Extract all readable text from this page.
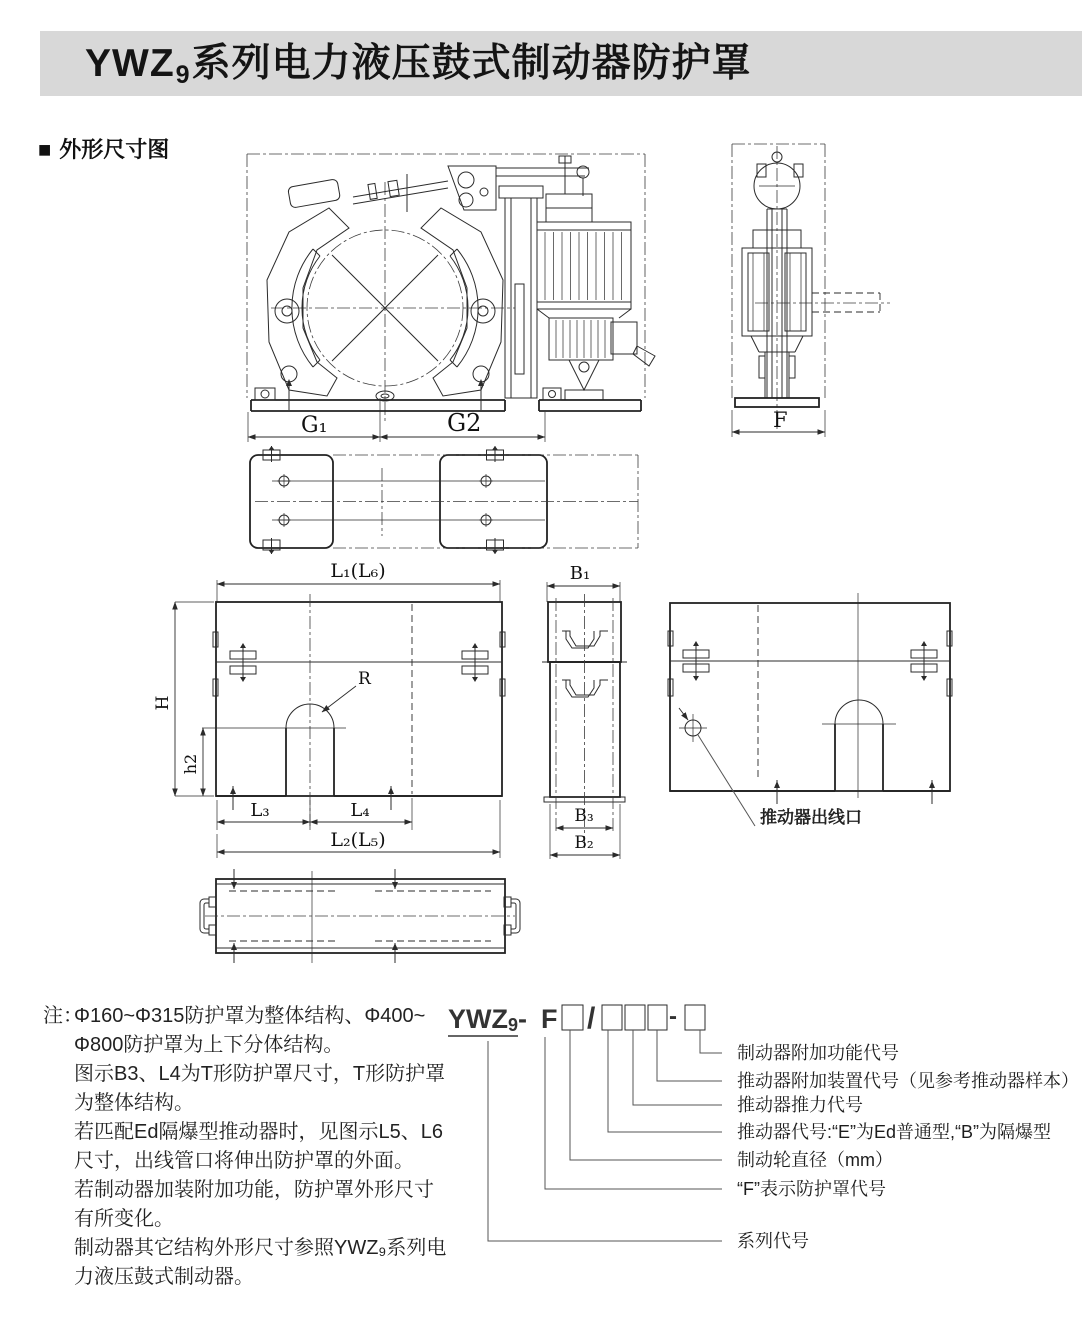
YWZ9系列电力液压鼓式制动器防护罩
■ 外形尺寸图
G₁	G2	F
L₁(L₆)
R
H
h2
L₃	L₄
L₂(L₅)
B₁
B₃
B₂
推动器出线口
注：
Φ160~Φ315防护罩为整体结构、Φ400~
Φ800防护罩为上下分体结构。
图示B3、L4为T形防护罩尺寸，T形防护罩
为整体结构。
若匹配Ed隔爆型推动器时，见图示L5、L6
尺寸，出线管口将伸出防护罩的外面。
若制动器加装附加功能，防护罩外形尺寸
有所变化。
制动器其它结构外形尺寸参照YWZ₉系列电
力液压鼓式制动器。
YWZ9- F /	-
制动器附加功能代号
推动器附加装置代号（见参考推动器样本）
推动器推力代号
推动器代号:“E”为Ed普通型,“B”为隔爆型
制动轮直径（mm）
“F”表示防护罩代号
系列代号
